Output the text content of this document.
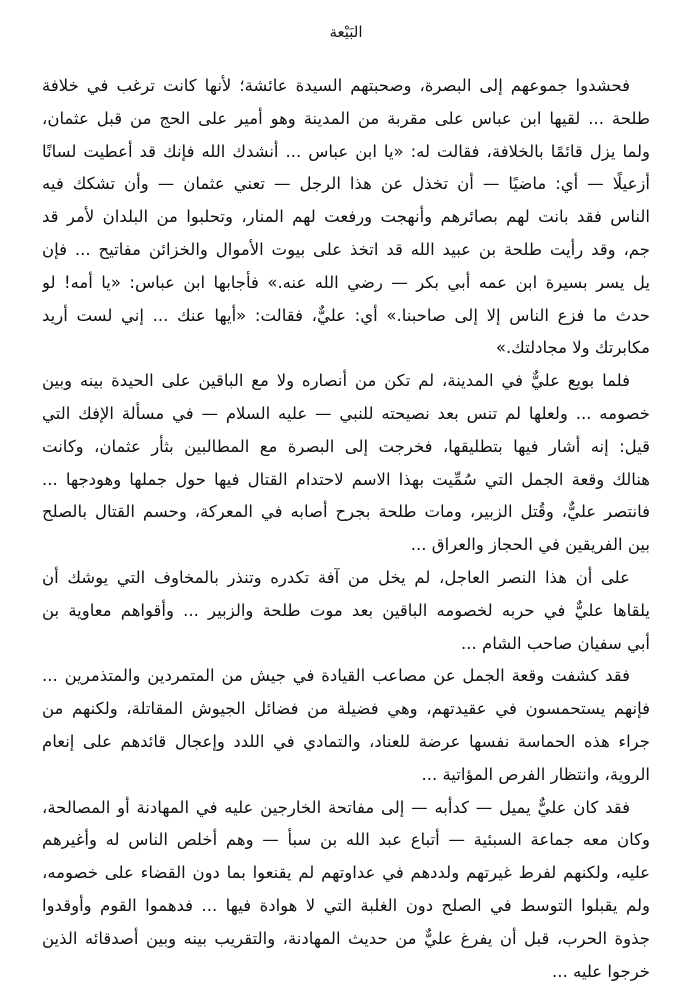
البَيْعة

فحشدوا جموعهم إلى البصرة، وصحبتهم السيدة عائشة؛ لأنها كانت ترغب في خلافة

طلحة ... لقيها ابن عباس على مقربة من المدينة وهو أمير على الحج من قبل عثمان،

ولما يزل قائمًا بالخلافة، فقالت له: «يا ابن عباس ... أنشدك الله فإنك قد أعطيت لسانًا

أزعيلًا — أي: ماضيًا — أن تخذل عن هذا الرجل — تعني عثمان — وأن تشكك فيه

الناس فقد بانت لهم بصائرهم وأنهجت ورفعت لهم المنار، وتحلبوا من البلدان لأمر قد

جم، وقد رأيت طلحة بن عبيد الله قد اتخذ على بيوت الأموال والخزائن مفاتيح ... فإن

يل يسر بسيرة ابن عمه أبي بكر — رضي الله عنه.» فأجابها ابن عباس: «يا أمه! لو

حدث ما فزع الناس إلا إلى صاحبنا.» أي: عليٌّ، فقالت: «أيها عنك ... إني لست أريد

مكابرتك ولا مجادلتك.»

فلما بويع عليٌّ في المدينة، لم تكن من أنصاره ولا مع الباقين على الحيدة بينه وبين

خصومه ... ولعلها لم تنس بعد نصيحته للنبي — عليه السلام — في مسألة الإفك التي

قيل: إنه أشار فيها بتطليقها، فخرجت إلى البصرة مع المطالبين بثأر عثمان، وكانت

هنالك وقعة الجمل التي سُمِّيت بهذا الاسم لاحتدام القتال فيها حول جملها وهودجها ...

فانتصر عليٌّ، وقُتل الزبير، ومات طلحة بجرح أصابه في المعركة، وحسم القتال بالصلح

بين الفريقين في الحجاز والعراق ...

على أن هذا النصر العاجل، لم يخل من آفة تكدره وتنذر بالمخاوف التي يوشك أن

يلقاها عليٌّ في حربه لخصومه الباقين بعد موت طلحة والزبير ... وأقواهم معاوية بن

أبي سفيان صاحب الشام ...

فقد كشفت وقعة الجمل عن مصاعب القيادة في جيش من المتمردين والمتذمرين ...

فإنهم يستحمسون في عقيدتهم، وهي فضيلة من فضائل الجيوش المقاتلة، ولكنهم من

جراء هذه الحماسة نفسها عرضة للعناد، والتمادي في اللدد وإعجال قائدهم على إنعام

الروية، وانتظار الفرص المؤاتية ...

فقد كان عليٌّ يميل — كدأبه — إلى مفاتحة الخارجين عليه في المهادنة أو المصالحة،

وكان معه جماعة السبئية — أتباع عبد الله بن سبأ — وهم أخلص الناس له وأغيرهم

عليه، ولكنهم لفرط غيرتهم ولددهم في عداوتهم لم يقنعوا بما دون القضاء على خصومه،

ولم يقبلوا التوسط في الصلح دون الغلبة التي لا هوادة فيها ... فدهموا القوم وأوقدوا

جذوة الحرب، قبل أن يفرغ عليٌّ من حديث المهادنة، والتقريب بينه وبين أصدقائه الذين

خرجوا عليه ...
